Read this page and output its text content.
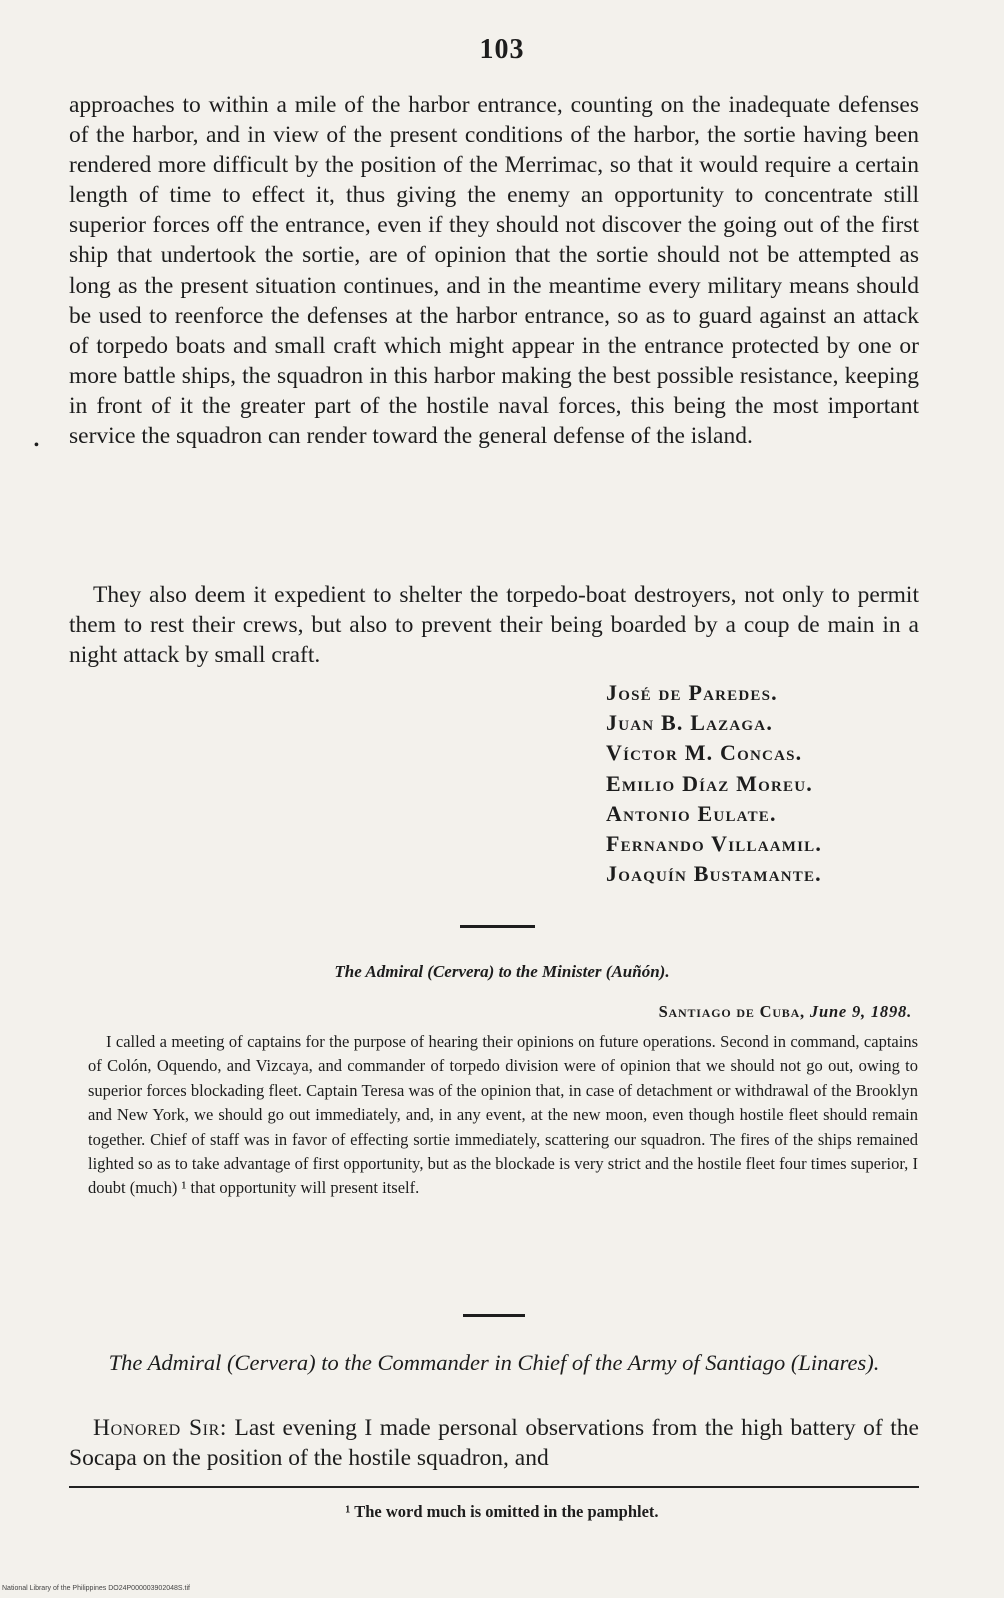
103
•

approaches to within a mile of the harbor entrance, counting on the inadequate defenses of the harbor, and in view of the present conditions of the harbor, the sortie having been rendered more difficult by the position of the Merrimac, so that it would require a certain length of time to effect it, thus giving the enemy an opportunity to concentrate still superior forces off the entrance, even if they should not discover the going out of the first ship that undertook the sortie, are of opinion that the sortie should not be attempted as long as the present situation continues, and in the meantime every military means should be used to reenforce the defenses at the harbor entrance, so as to guard against an attack of torpedo boats and small craft which might appear in the entrance protected by one or more battle ships, the squadron in this harbor making the best possible resistance, keeping in front of it the greater part of the hostile naval forces, this being the most important service the squadron can render toward the general defense of the island.

They also deem it expedient to shelter the torpedo-boat destroyers, not only to permit them to rest their crews, but also to prevent their being boarded by a coup de main in a night attack by small craft.

José de Paredes.
Juan B. Lazaga.
Víctor M. Concas.
Emilio Díaz Moreu.
Antonio Eulate.
Fernando Villaamil.
Joaquín Bustamante.
The Admiral (Cervera) to the Minister (Auñón).
Santiago de Cuba, June 9, 1898.

I called a meeting of captains for the purpose of hearing their opinions on future operations. Second in command, captains of Colón, Oquendo, and Vizcaya, and commander of torpedo division were of opinion that we should not go out, owing to superior forces blockading fleet. Captain Teresa was of the opinion that, in case of detachment or withdrawal of the Brooklyn and New York, we should go out immediately, and, in any event, at the new moon, even though hostile fleet should remain together. Chief of staff was in favor of effecting sortie immediately, scattering our squadron. The fires of the ships remained lighted so as to take advantage of first opportunity, but as the blockade is very strict and the hostile fleet four times superior, I doubt (much) ¹ that opportunity will present itself.

The Admiral (Cervera) to the Commander in Chief of the Army of Santiago (Linares).

Honored Sir: Last evening I made personal observations from the high battery of the Socapa on the position of the hostile squadron, and

¹ The word much is omitted in the pamphlet.
National Library of the Philippines DO24P000003902048S.tif
